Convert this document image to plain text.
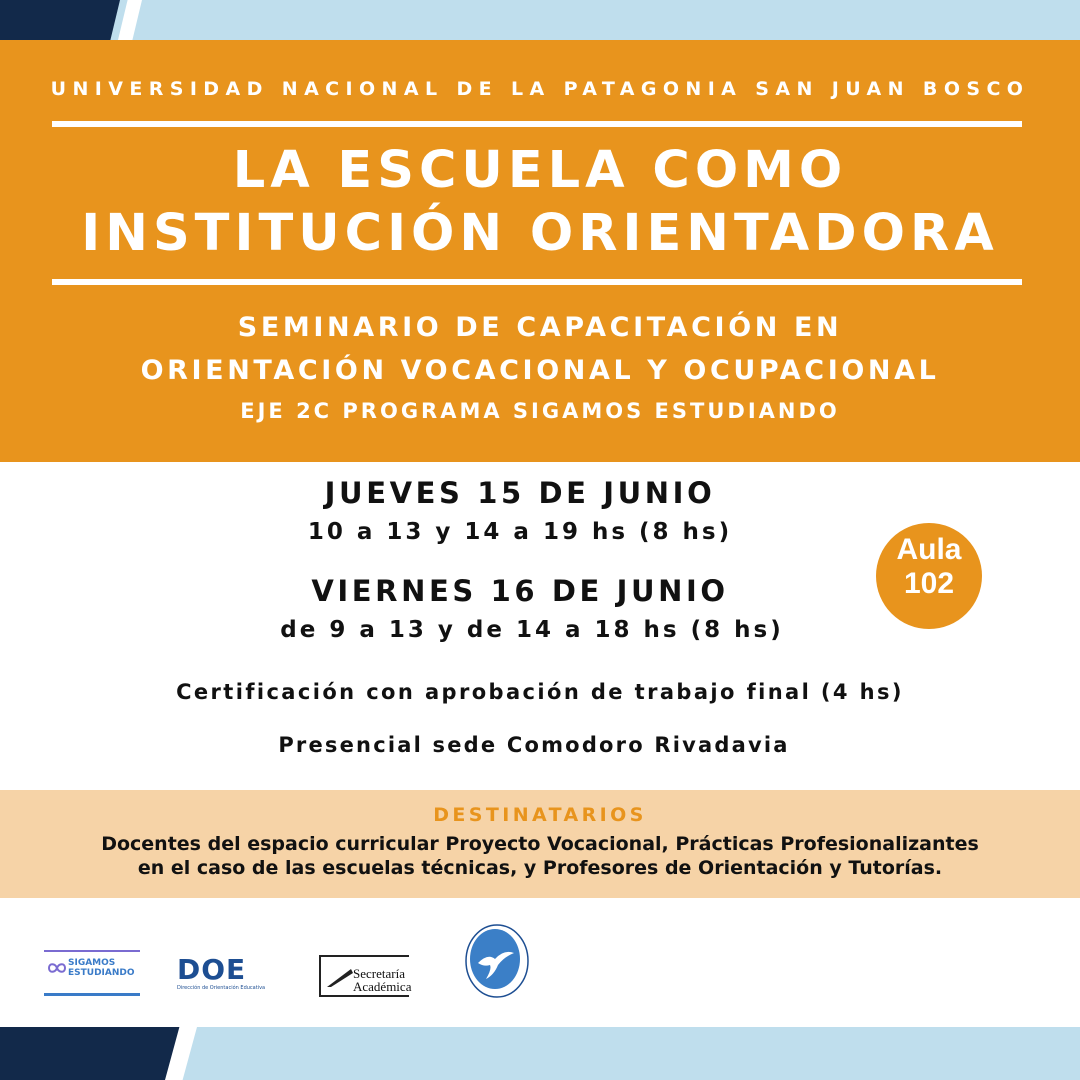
UNIVERSIDAD NACIONAL DE LA PATAGONIA SAN JUAN BOSCO
LA ESCUELA COMO
INSTITUCIÓN ORIENTADORA
SEMINARIO DE CAPACITACIÓN EN
ORIENTACIÓN VOCACIONAL Y OCUPACIONAL
EJE 2C PROGRAMA SIGAMOS ESTUDIANDO
JUEVES 15 DE JUNIO
10 a 13 y 14 a 19 hs (8 hs)
VIERNES 16 DE JUNIO
de 9 a 13 y de 14 a 18 hs (8 hs)
Certificación con aprobación de trabajo final (4 hs)
Presencial sede Comodoro Rivadavia
Aula
102
DESTINATARIOS
Docentes del espacio curricular Proyecto Vocacional, Prácticas Profesionalizantes
en el caso de las escuelas técnicas, y Profesores de Orientación y Tutorías.
SIGAMOS
ESTUDIANDO DOE
Dirección de Orientación Educativa
Secretaría
Académica
